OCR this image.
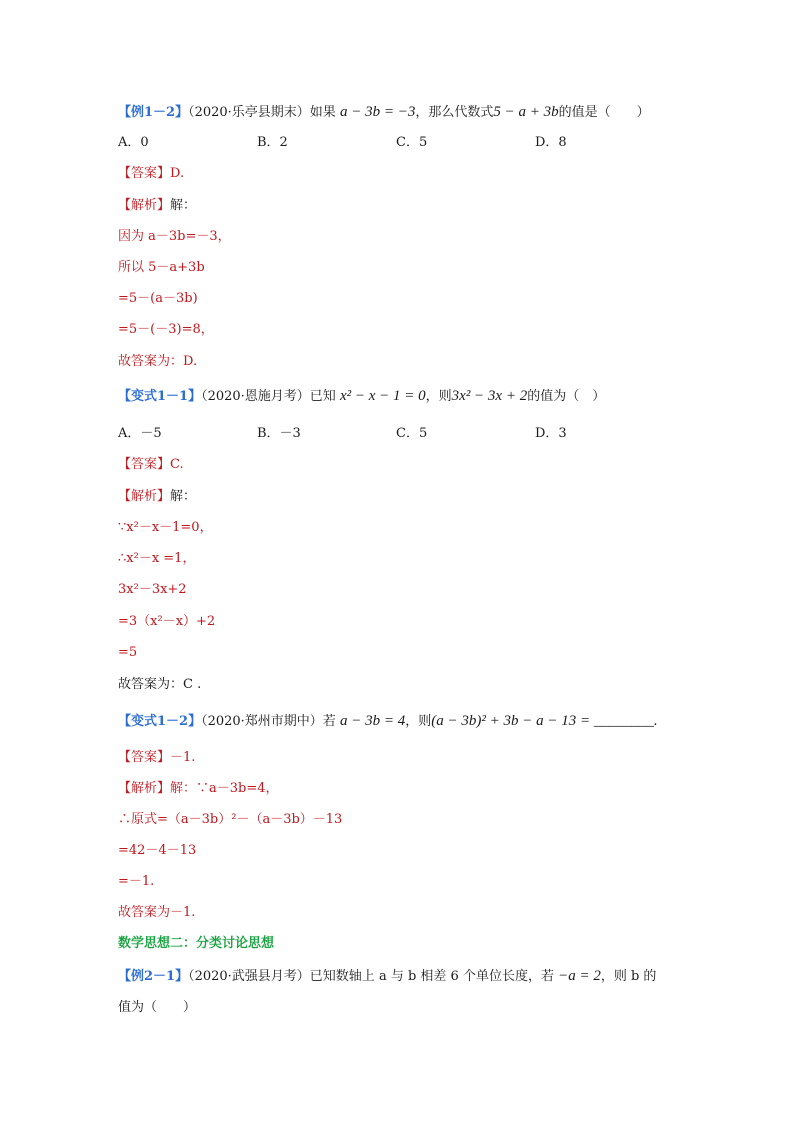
【例1－2】（2020·乐亭县期末）如果 a − 3b = −3，那么代数式5 − a + 3b的值是（　　）
A．0	B．2	C．5	D．8
【答案】D.
【解析】解：
因为 a－3b=－3，
所以 5－a+3b
=5－(a－3b)
=5－(－3)=8，
故答案为：D.
【变式1－1】（2020·恩施月考）已知 x² − x − 1 = 0，则3x² − 3x + 2的值为（　）
A．－5	B．－3	C．5	D．3
【答案】C.
【解析】解：
∵x²－x－1=0，
∴x²－x =1，
3x²－3x+2
=3（x²－x）+2
=5
故答案为：C .
【变式1－2】（2020·郑州市期中）若 a − 3b = 4，则(a − 3b)² + 3b − a − 13 = ________.
【答案】－1.
【解析】解：∵a－3b=4，
∴原式=（a－3b）²－（a－3b）－13
=42－4－13
=－1.
故答案为－1.
数学思想二：分类讨论思想
【例2－1】（2020·武强县月考）已知数轴上 a 与 b 相差 6 个单位长度，若 −a = 2，则 b 的
值为（　　）
